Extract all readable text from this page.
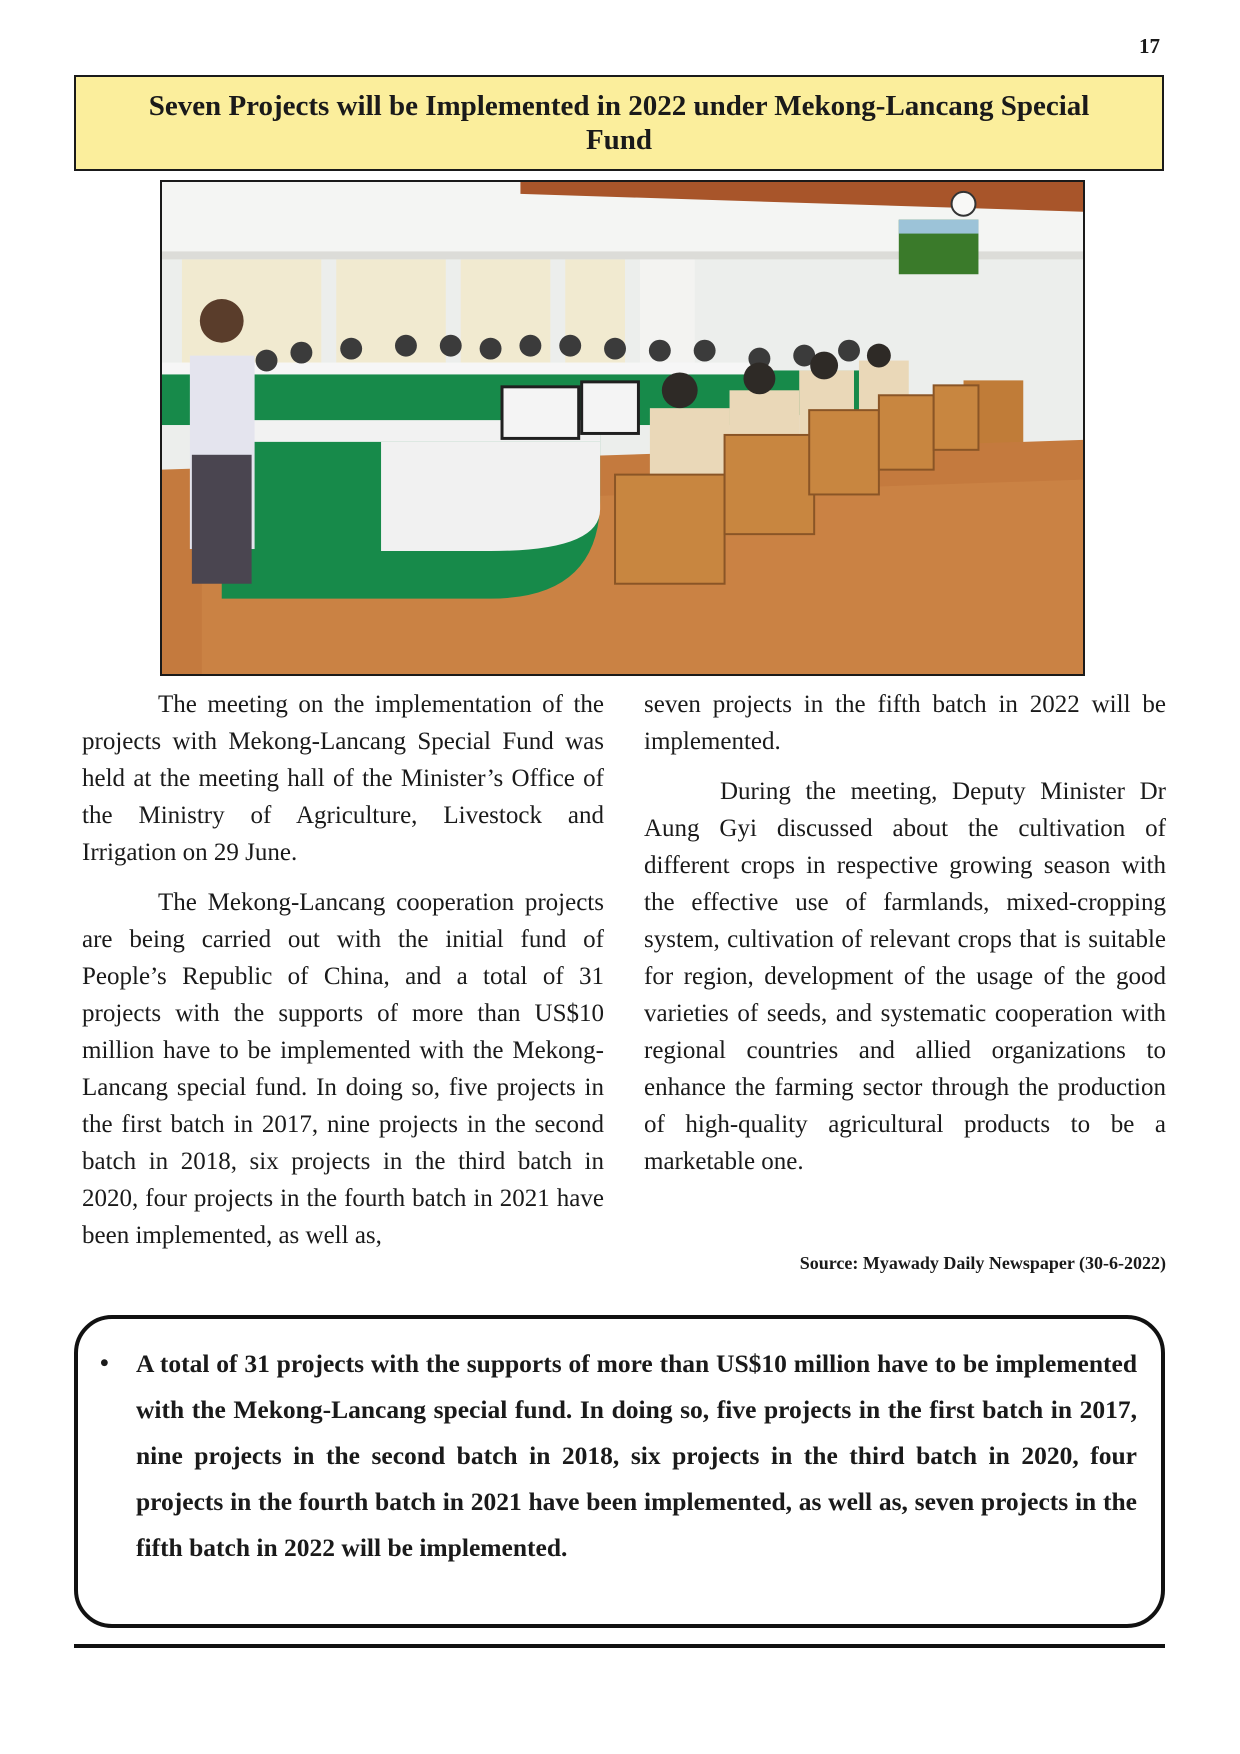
17
Seven Projects will be Implemented in 2022 under Mekong-Lancang Special Fund

The meeting on the implementation of the projects with Mekong-Lancang Special Fund was held at the meeting hall of the Minister’s Office of the Ministry of Agriculture, Livestock and Irrigation on 29 June.

The Mekong-Lancang cooperation projects are being carried out with the initial fund of People’s Republic of China, and a total of 31 projects with the supports of more than US$10 million have to be implemented with the Mekong-Lancang special fund. In doing so, five projects in the first batch in 2017, nine projects in the second batch in 2018, six projects in the third batch in 2020, four projects in the fourth batch in 2021 have been implemented, as well as,

seven projects in the fifth batch in 2022 will be implemented.

During the meeting, Deputy Minister Dr Aung Gyi discussed about the cultivation of different crops in respective growing season with the effective use of farmlands, mixed-cropping system, cultivation of relevant crops that is suitable for region, development of the usage of the good varieties of seeds, and systematic cooperation with regional countries and allied organizations to enhance the farming sector through the production of high-quality agricultural products to be a marketable one.

Source: Myawady Daily Newspaper (30-6-2022)
• A total of 31 projects with the supports of more than US$10 million have to be implemented with the Mekong-Lancang special fund. In doing so, five projects in the first batch in 2017, nine projects in the second batch in 2018, six projects in the third batch in 2020, four projects in the fourth batch in 2021 have been implemented, as well as, seven projects in the fifth batch in 2022 will be implemented.
